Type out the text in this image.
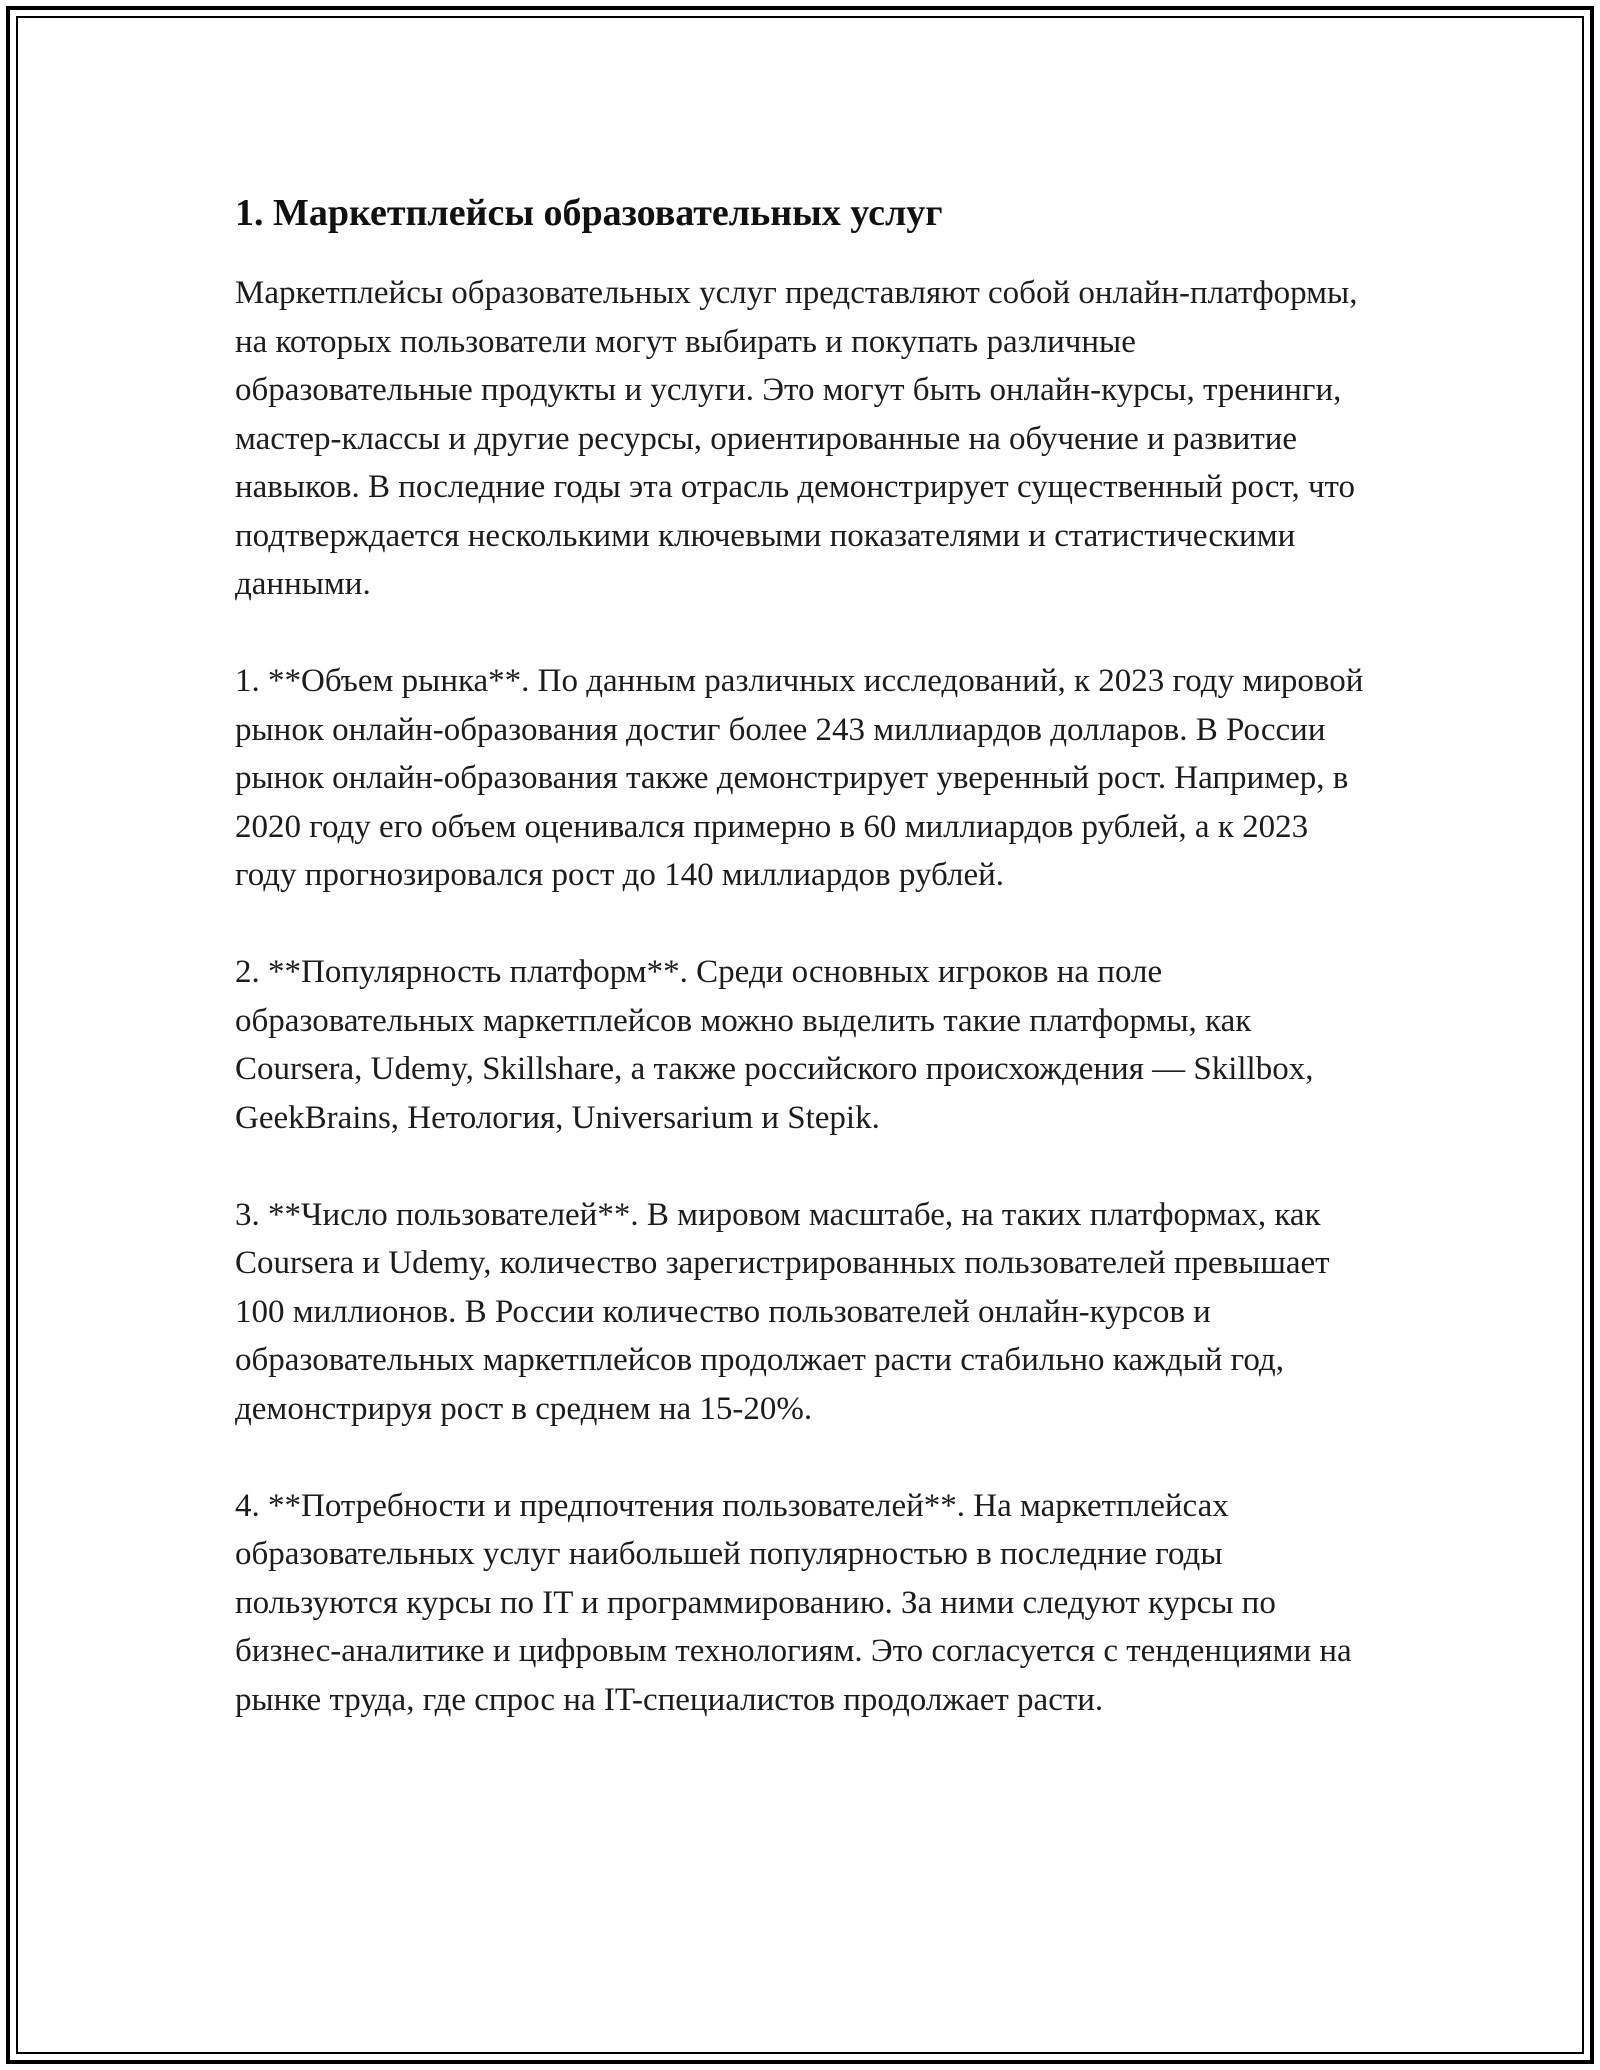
1. Маркетплейсы образовательных услуг

Маркетплейсы образовательных услуг представляют собой онлайн-платформы, на которых пользователи могут выбирать и покупать различные образовательные продукты и услуги. Это могут быть онлайн-курсы, тренинги, мастер-классы и другие ресурсы, ориентированные на обучение и развитие навыков. В последние годы эта отрасль демонстрирует существенный рост, что подтверждается несколькими ключевыми показателями и статистическими данными.

1. **Объем рынка**. По данным различных исследований, к 2023 году мировой рынок онлайн-образования достиг более 243 миллиардов долларов. В России рынок онлайн-образования также демонстрирует уверенный рост. Например, в 2020 году его объем оценивался примерно в 60 миллиардов рублей, а к 2023 году прогнозировался рост до 140 миллиардов рублей.

2. **Популярность платформ**. Среди основных игроков на поле образовательных маркетплейсов можно выделить такие платформы, как Coursera, Udemy, Skillshare, а также российского происхождения — Skillbox, GeekBrains, Нетология, Universarium и Stepik.

3. **Число пользователей**. В мировом масштабе, на таких платформах, как Coursera и Udemy, количество зарегистрированных пользователей превышает 100 миллионов. В России количество пользователей онлайн-курсов и образовательных маркетплейсов продолжает расти стабильно каждый год, демонстрируя рост в среднем на 15-20%.

4. **Потребности и предпочтения пользователей**. На маркетплейсах образовательных услуг наибольшей популярностью в последние годы пользуются курсы по IT и программированию. За ними следуют курсы по бизнес-аналитике и цифровым технологиям. Это согласуется с тенденциями на рынке труда, где спрос на IT-специалистов продолжает расти.
